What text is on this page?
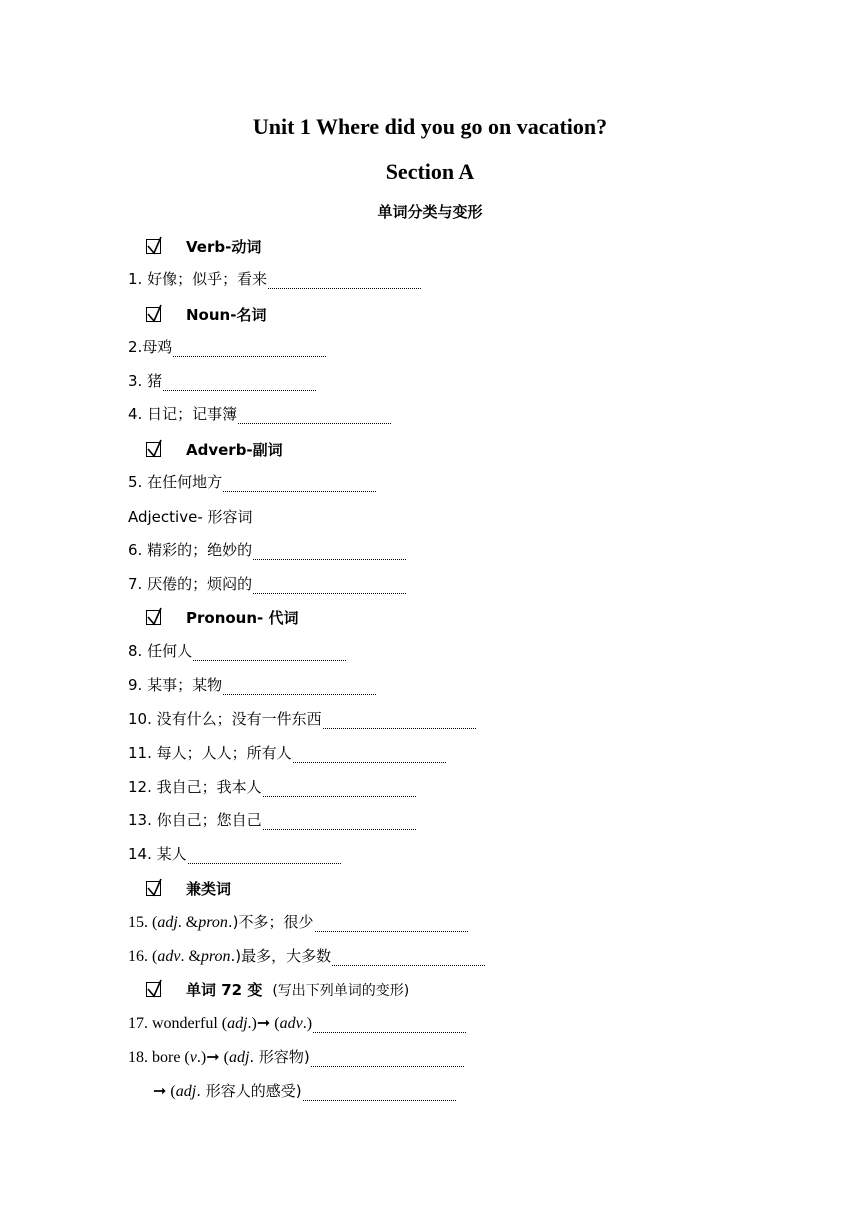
Unit 1 Where did you go on vacation?
Section A
单词分类与变形
Verb-动词
1. 好像；似乎；看来
Noun-名词
2.母鸡
3. 猪
4. 日记；记事簿
Adverb-副词
5. 在任何地方
Adjective- 形容词
6. 精彩的；绝妙的
7. 厌倦的；烦闷的
Pronoun- 代词
8. 任何人
9. 某事；某物
10. 没有什么；没有一件东西
11. 每人；人人；所有人
12. 我自己；我本人
13. 你自己；您自己
14. 某人
兼类词
15. ( adj . & pron .)不多；很少
16. ( adv . & pron .)最多，大多数
单词 72 变 (写出下列单词的变形)
17. wonderful ( adj .)➞ ( adv .)
18. bore ( v .)➞ ( adj . 形容物)
➞ ( adj . 形容人的感受)
